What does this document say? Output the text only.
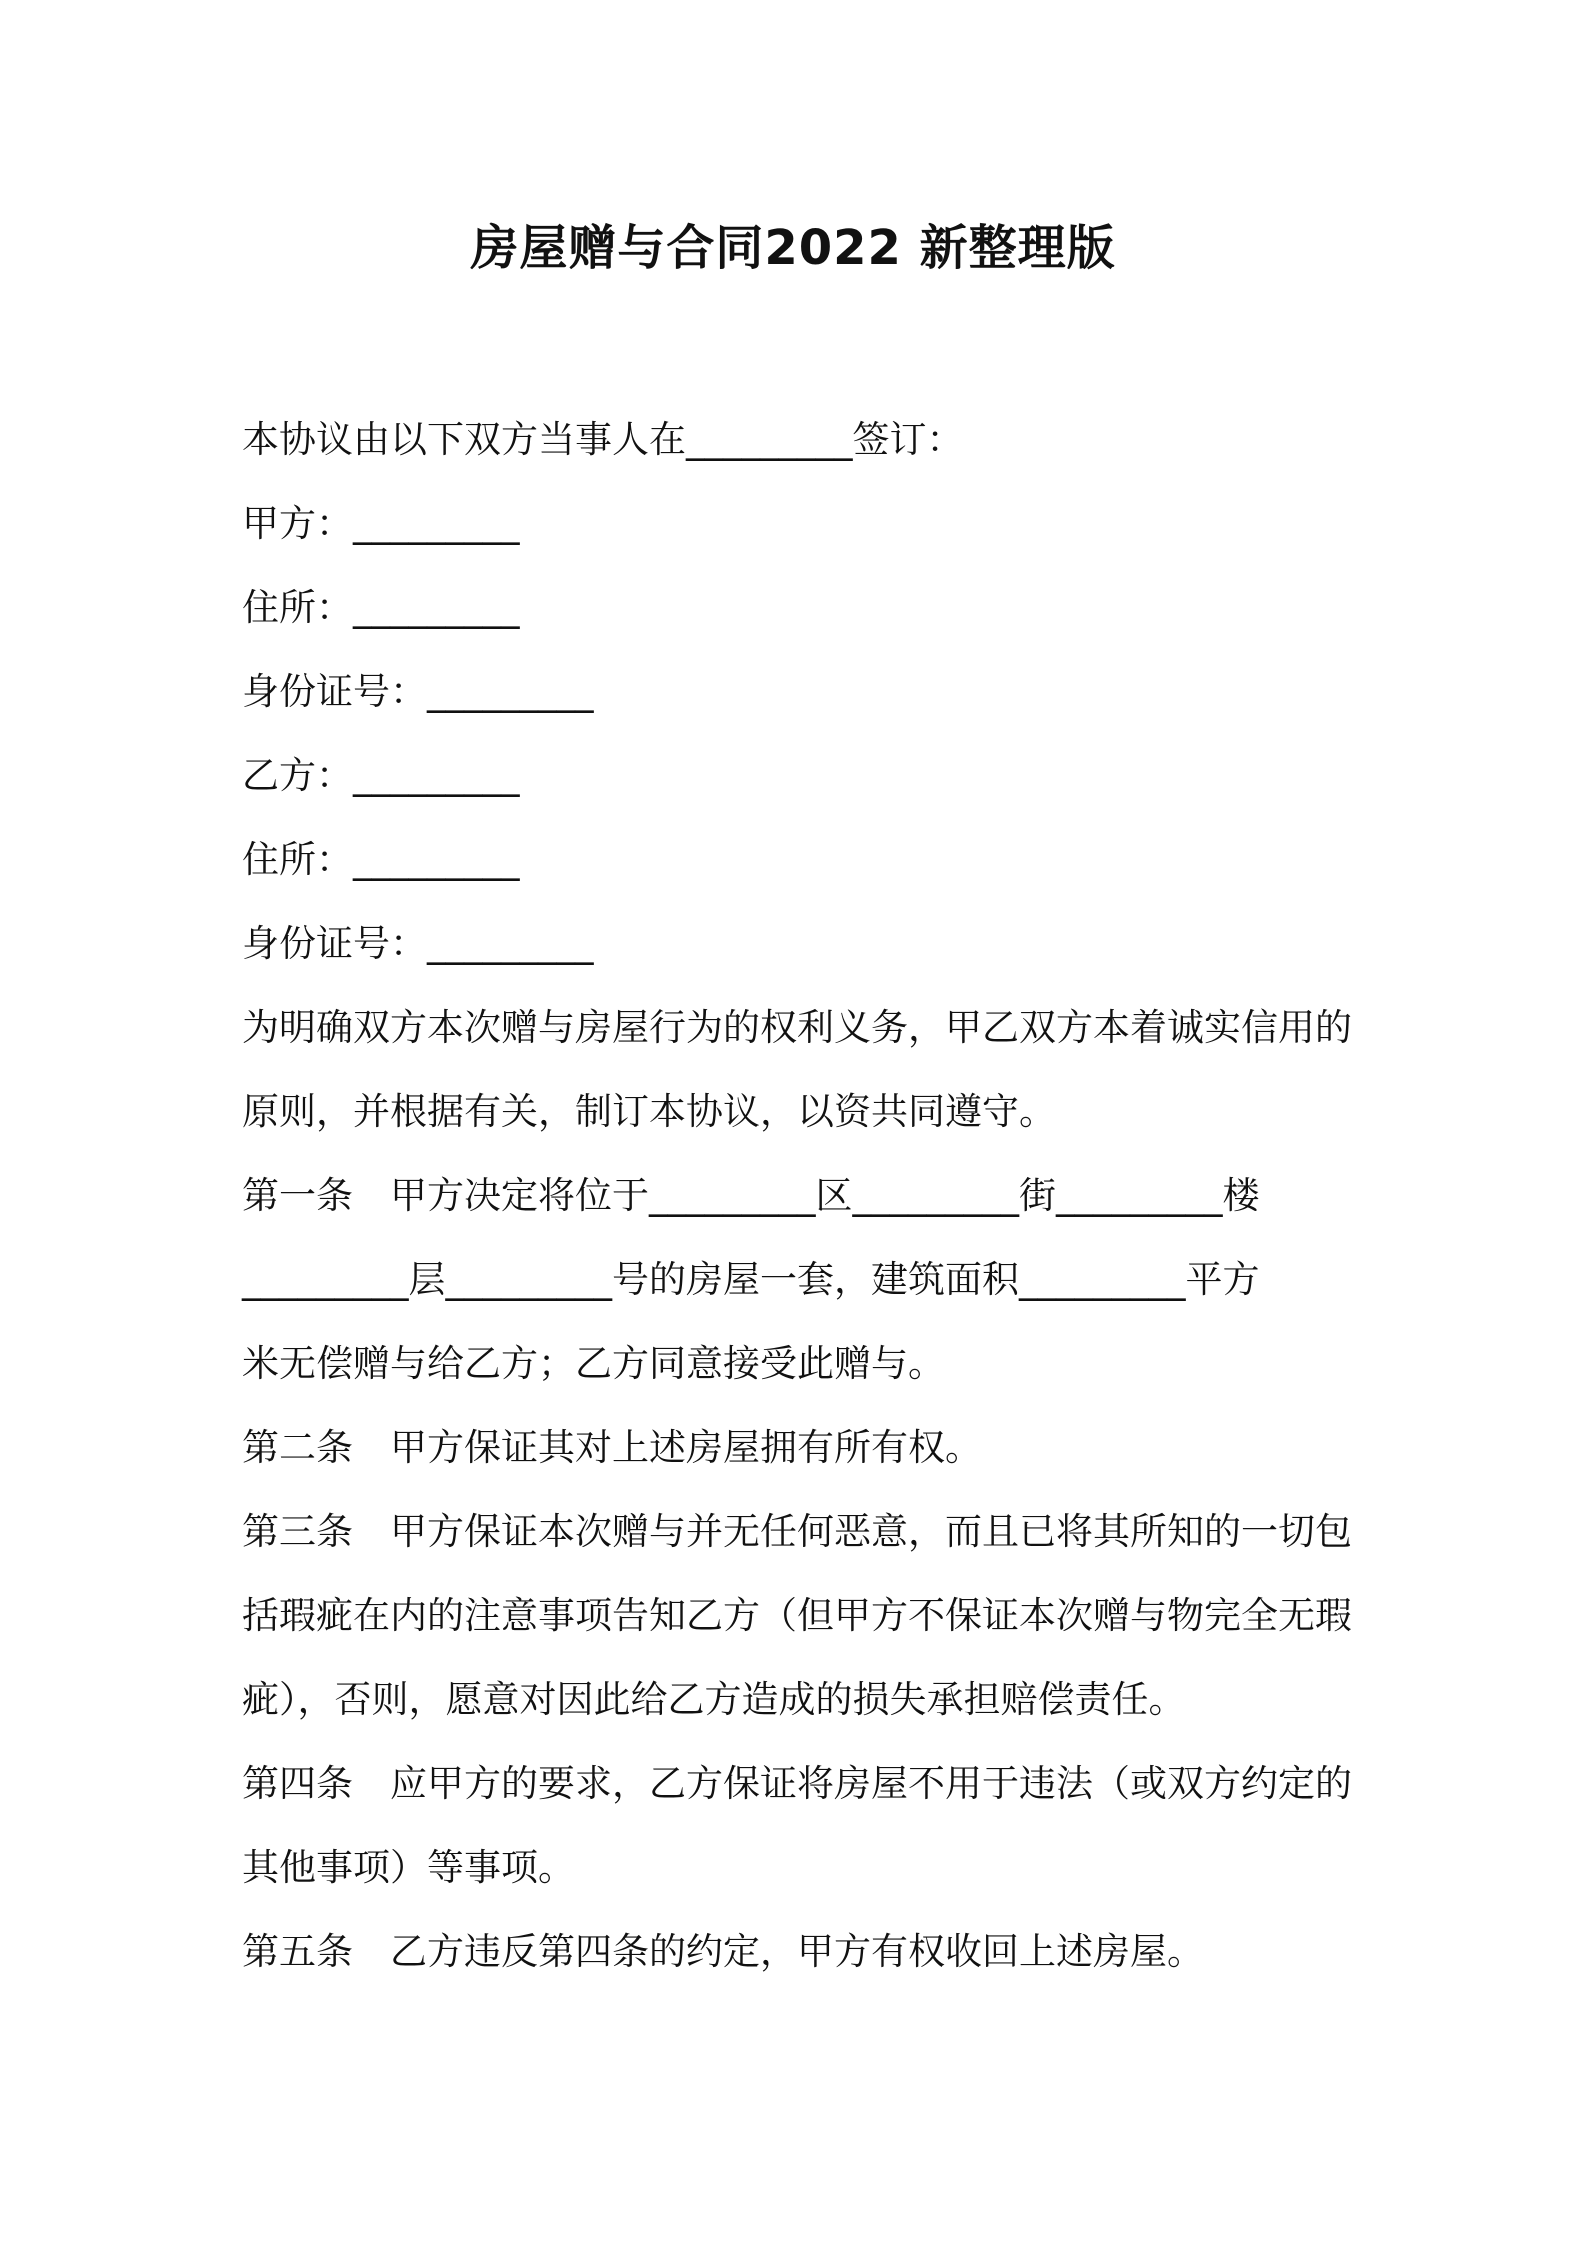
房屋赠与合同2022 新整理版

本协议由以下双方当事人在_________签订：

甲方：_________

住所：_________

身份证号：_________

乙方：_________

住所：_________

身份证号：_________

为明确双方本次赠与房屋行为的权利义务，甲乙双方本着诚实信用的

原则，并根据有关，制订本协议，以资共同遵守。

第一条　甲方决定将位于_________区_________街_________楼

_________层_________号的房屋一套，建筑面积_________平方

米无偿赠与给乙方；乙方同意接受此赠与。

第二条　甲方保证其对上述房屋拥有所有权。

第三条　甲方保证本次赠与并无任何恶意，而且已将其所知的一切包

括瑕疵在内的注意事项告知乙方（但甲方不保证本次赠与物完全无瑕

疵），否则，愿意对因此给乙方造成的损失承担赔偿责任。

第四条　应甲方的要求，乙方保证将房屋不用于违法（或双方约定的

其他事项）等事项。

第五条　乙方违反第四条的约定，甲方有权收回上述房屋。
